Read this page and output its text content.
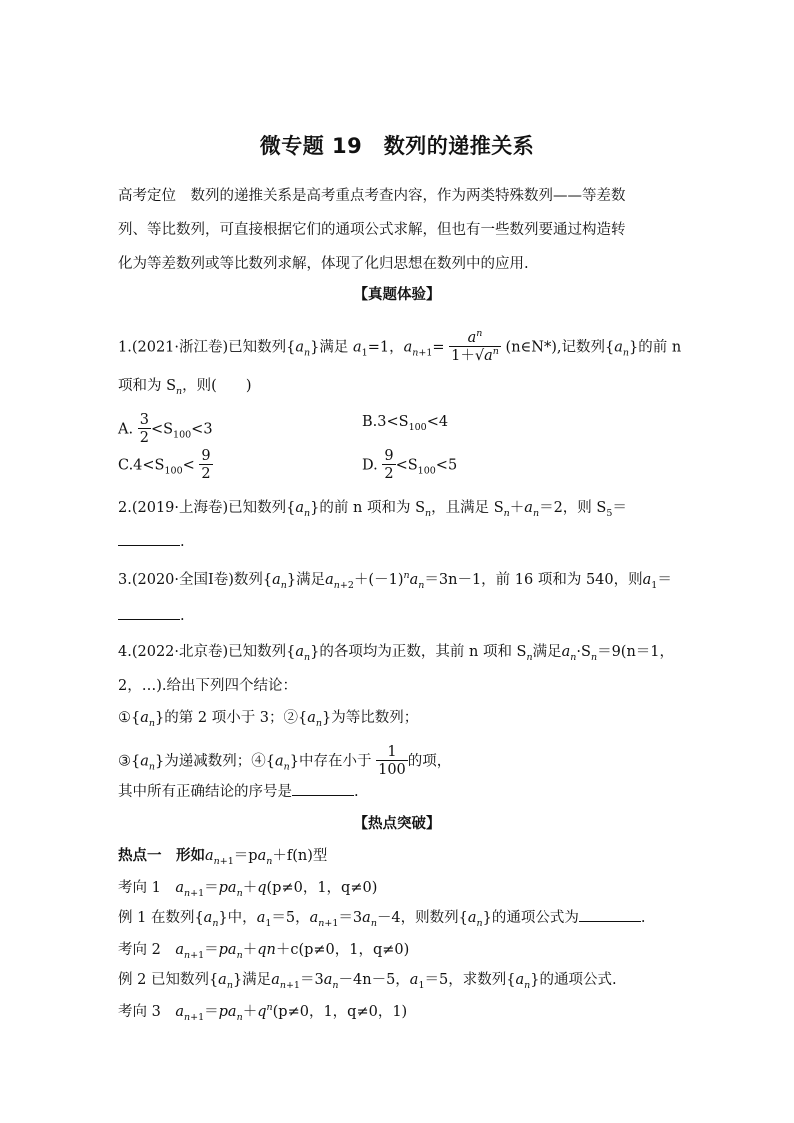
微专题 19　数列的递推关系
高考定位　数列的递推关系是高考重点考查内容，作为两类特殊数列——等差数
列、等比数列，可直接根据它们的通项公式求解，但也有一些数列要通过构造转
化为等差数列或等比数列求解，体现了化归思想在数列中的应用.
【真题体验】
1.(2021·浙江卷)已知数列$\{a_n\}$满足 $a_1=1$，$a_{n+1}= \frac{a^n}{1+√a^n}$ (n∈N*),记数列$\{a_n\}$的前 n
项和为 $S_n$，则(　　)
A. $\frac{3}{2} <S_{100}<3$	$B.3<S_{100}<4$
$C.4<S_{100}< \frac{9}{2}$	D. $\frac{9}{2} <S_{100}<5$
2.(2019·上海卷)已知数列$\{a_n\}$的前 n 项和为 $S_n$，且满足 $S_n+a_n=2$，则 $S_5=$
.
3.(2020·全国Ⅰ卷)数列$\{a_n\}$满足$a_{n+2}+(-1)^na_n=3n-1$，前 16 项和为 540，则$a_1=$
.
4.(2022·北京卷)已知数列$\{a_n\}$的各项均为正数，其前 n 项和 $S_n$满足$a_n\cdot S_n=9(n=1$，
2，…).给出下列四个结论：
$①\{a_n\}$的第 2 项小于 3；$②\{a_n\}$为等比数列；
$③\{a_n\}$为递减数列；$④\{a_n\}$中存在小于 $\frac{1}{100}$ 的项，
其中所有正确结论的序号是	.
【热点突破】
热点一　形如$a_{n+1}=pa_n+f(n)$型
考向 1　$a_{n+1}=pa_n+q(p\ne 0$，1，q≠0)
例 1 在数列$\{a_n\}$中，$a_1=5$，$a_{n+1}=3a_n-4$，则数列$\{a_n\}$的通项公式为	.
考向 2　$a_{n+1}=pa_n+qn+c(p\ne 0$，1，q≠0)
例 2 已知数列$\{a_n\}$满足$a_{n+1}=3a_n-4n-5$，$a_1=5$，求数列$\{a_n\}$的通项公式.
考向 3　$a_{n+1}=pa_n+q^n(p\ne 0$，1，q≠0，1)
